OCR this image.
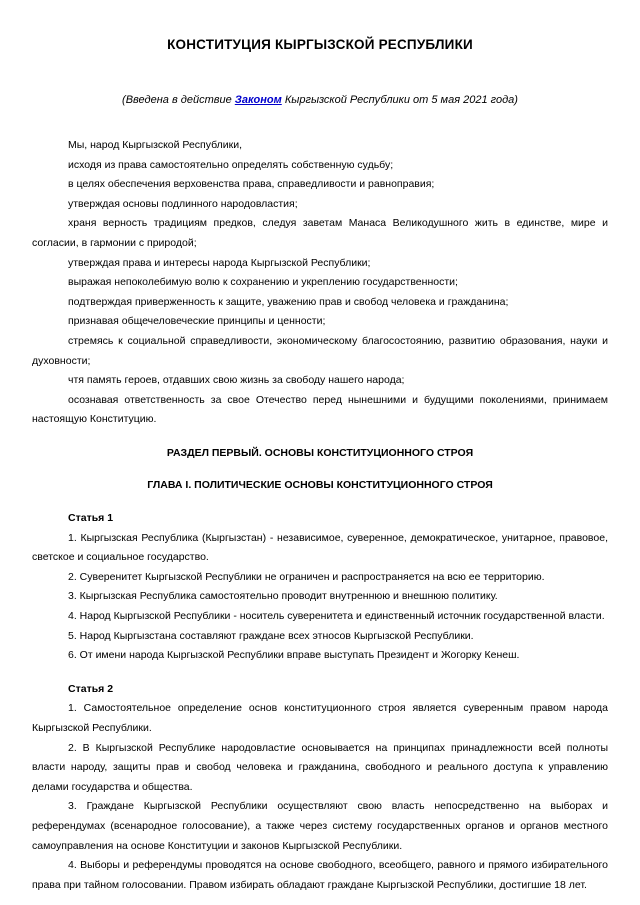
КОНСТИТУЦИЯ КЫРГЫЗСКОЙ РЕСПУБЛИКИ

(Введена в действие Законом Кыргызской Республики от 5 мая 2021 года)

Мы, народ Кыргызской Республики,

исходя из права самостоятельно определять собственную судьбу;

в целях обеспечения верховенства права, справедливости и равноправия;

утверждая основы подлинного народовластия;

храня верность традициям предков, следуя заветам Манаса Великодушного жить в единстве, мире и согласии, в гармонии с природой;

утверждая права и интересы народа Кыргызской Республики;

выражая непоколебимую волю к сохранению и укреплению государственности;

подтверждая приверженность к защите, уважению прав и свобод человека и гражданина;

признавая общечеловеческие принципы и ценности;

стремясь к социальной справедливости, экономическому благосостоянию, развитию образования, науки и духовности;

чтя память героев, отдавших свою жизнь за свободу нашего народа;

осознавая ответственность за свое Отечество перед нынешними и будущими поколениями, принимаем настоящую Конституцию.

РАЗДЕЛ ПЕРВЫЙ. ОСНОВЫ КОНСТИТУЦИОННОГО СТРОЯ

ГЛАВА I. ПОЛИТИЧЕСКИЕ ОСНОВЫ КОНСТИТУЦИОННОГО СТРОЯ

Статья 1

1. Кыргызская Республика (Кыргызстан) - независимое, суверенное, демократическое, унитарное, правовое, светское и социальное государство.

2. Суверенитет Кыргызской Республики не ограничен и распространяется на всю ее территорию.

3. Кыргызская Республика самостоятельно проводит внутреннюю и внешнюю политику.

4. Народ Кыргызской Республики - носитель суверенитета и единственный источник государственной власти.

5. Народ Кыргызстана составляют граждане всех этносов Кыргызской Республики.

6. От имени народа Кыргызской Республики вправе выступать Президент и Жогорку Кенеш.

Статья 2

1. Самостоятельное определение основ конституционного строя является суверенным правом народа Кыргызской Республики.

2. В Кыргызской Республике народовластие основывается на принципах принадлежности всей полноты власти народу, защиты прав и свобод человека и гражданина, свободного и реального доступа к управлению делами государства и общества.

3. Граждане Кыргызской Республики осуществляют свою власть непосредственно на выборах и референдумах (всенародное голосование), а также через систему государственных органов и органов местного самоуправления на основе Конституции и законов Кыргызской Республики.

4. Выборы и референдумы проводятся на основе свободного, всеобщего, равного и прямого избирательного права при тайном голосовании. Правом избирать обладают граждане Кыргызской Республики, достигшие 18 лет.
